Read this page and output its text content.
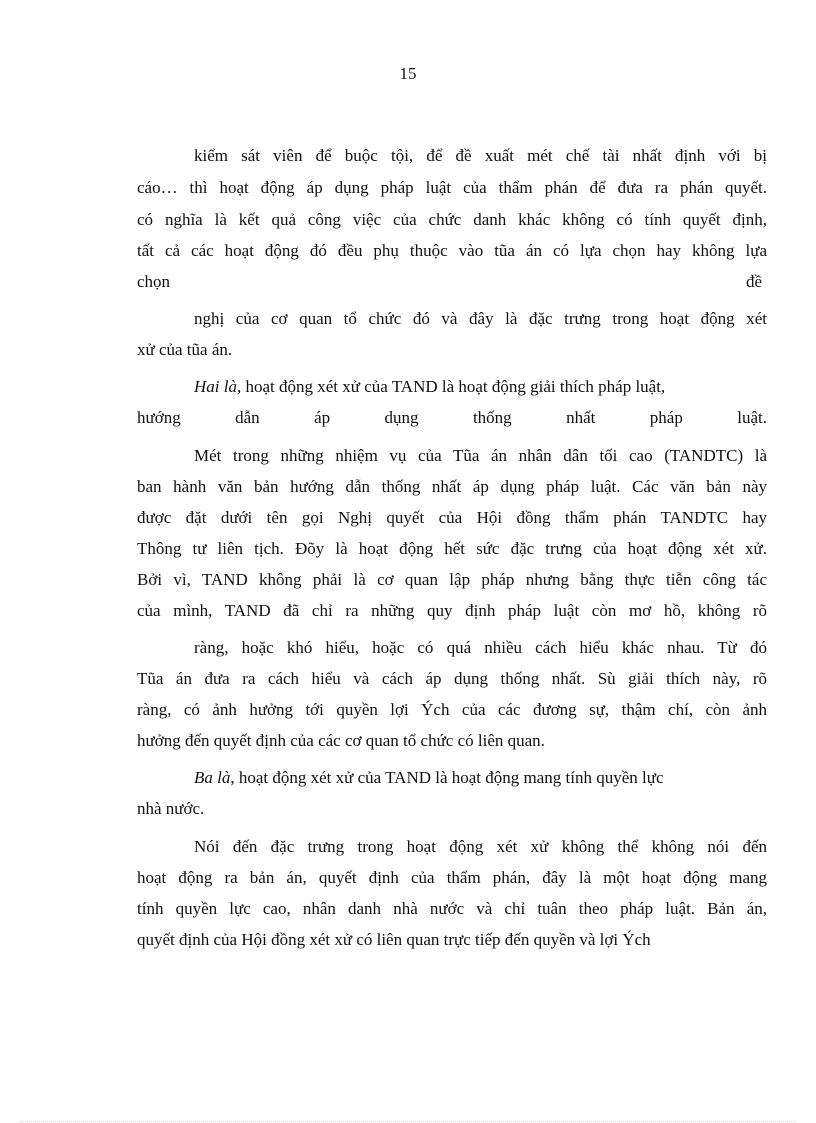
15
kiểm sát viên để buộc tội, để đề xuất mét chế tài nhất định với bị
cáo… thì hoạt động áp dụng pháp luật của thẩm phán để đưa ra phán quyết.
có nghĩa là kết quả công việc của chức danh khác không có tính quyết định,
tất cả các hoạt động đó đều phụ thuộc vào tũa án có lựa chọn hay không lựa
chọn	đề
nghị của cơ quan tổ chức đó và đây là đặc trưng trong hoạt động xét
xử của tũa án.
Hai là, hoạt động xét xử của TAND là hoạt động giải thích pháp luật,
hướng dẫn áp dụng thống nhất pháp luật.
Mét trong những nhiệm vụ của Tũa án nhân dân tối cao (TANDTC) là
ban hành văn bản hướng dẫn thống nhất áp dụng pháp luật. Các văn bản này
được đặt dưới tên gọi Nghị quyết của Hội đồng thẩm phán TANDTC hay
Thông tư liên tịch. Đõy là hoạt động hết sức đặc trưng của hoạt động xét xử.
Bởi vì, TAND không phải là cơ quan lập pháp nhưng bằng thực tiễn công tác
của mình, TAND đã chỉ ra những quy định pháp luật còn mơ hồ, không rõ
ràng, hoặc khó hiểu, hoặc có quá nhiều cách hiểu khác nhau. Từ đó
Tũa án đưa ra cách hiểu và cách áp dụng thống nhất. Sù giải thích này, rõ
ràng, có ảnh hưởng tới quyền lợi Ých của các đương sự, thậm chí, còn ảnh
hưởng đến quyết định của các cơ quan tổ chức có liên quan.
Ba là, hoạt động xét xử của TAND là hoạt động mang tính quyền lực
nhà nước.
Nói đến đặc trưng trong hoạt động xét xử không thể không nói đến
hoạt động ra bản án, quyết định của thẩm phán, đây là một hoạt động mang
tính quyền lực cao, nhân danh nhà nước và chỉ tuân theo pháp luật. Bản án,
quyết định của Hội đồng xét xử có liên quan trực tiếp đến quyền và lợi Ých
